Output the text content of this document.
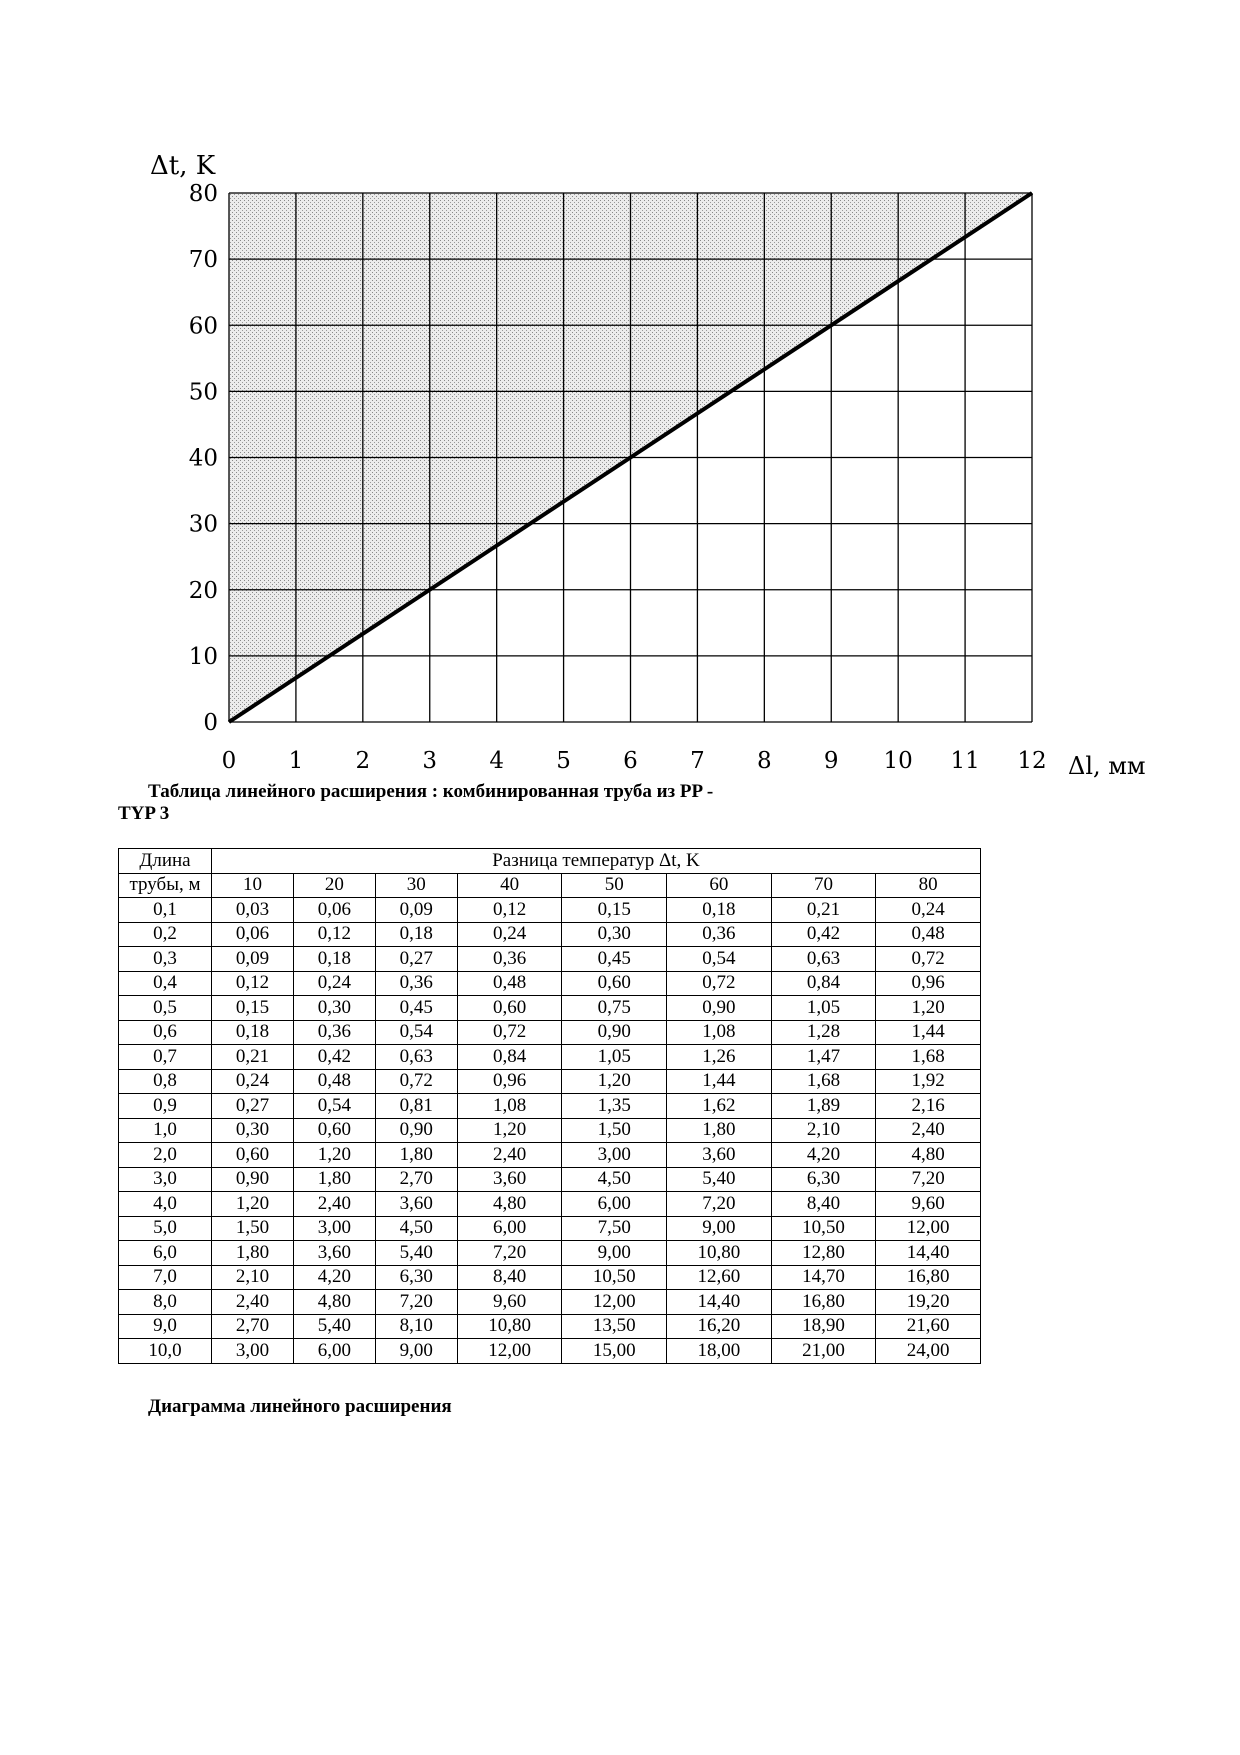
0
10
20
30
40
50
60
70
80
0 1 2 3 4 5 6 7 8 9 10 11 12
Δt, K
Δl, мм
Таблица линейного расширения : комбинированная труба из PP -
TYP 3
Длина	Разница температур Δt, K							
трубы, м	10	20	30	40	50	60	70	80
0,1	0,03	0,06	0,09	0,12	0,15	0,18	0,21	0,24
0,2	0,06	0,12	0,18	0,24	0,30	0,36	0,42	0,48
0,3	0,09	0,18	0,27	0,36	0,45	0,54	0,63	0,72
0,4	0,12	0,24	0,36	0,48	0,60	0,72	0,84	0,96
0,5	0,15	0,30	0,45	0,60	0,75	0,90	1,05	1,20
0,6	0,18	0,36	0,54	0,72	0,90	1,08	1,28	1,44
0,7	0,21	0,42	0,63	0,84	1,05	1,26	1,47	1,68
0,8	0,24	0,48	0,72	0,96	1,20	1,44	1,68	1,92
0,9	0,27	0,54	0,81	1,08	1,35	1,62	1,89	2,16
1,0	0,30	0,60	0,90	1,20	1,50	1,80	2,10	2,40
2,0	0,60	1,20	1,80	2,40	3,00	3,60	4,20	4,80
3,0	0,90	1,80	2,70	3,60	4,50	5,40	6,30	7,20
4,0	1,20	2,40	3,60	4,80	6,00	7,20	8,40	9,60
5,0	1,50	3,00	4,50	6,00	7,50	9,00	10,50	12,00
6,0	1,80	3,60	5,40	7,20	9,00	10,80	12,80	14,40
7,0	2,10	4,20	6,30	8,40	10,50	12,60	14,70	16,80
8,0	2,40	4,80	7,20	9,60	12,00	14,40	16,80	19,20
9,0	2,70	5,40	8,10	10,80	13,50	16,20	18,90	21,60
10,0	3,00	6,00	9,00	12,00	15,00	18,00	21,00	24,00
Диаграмма линейного расширения
